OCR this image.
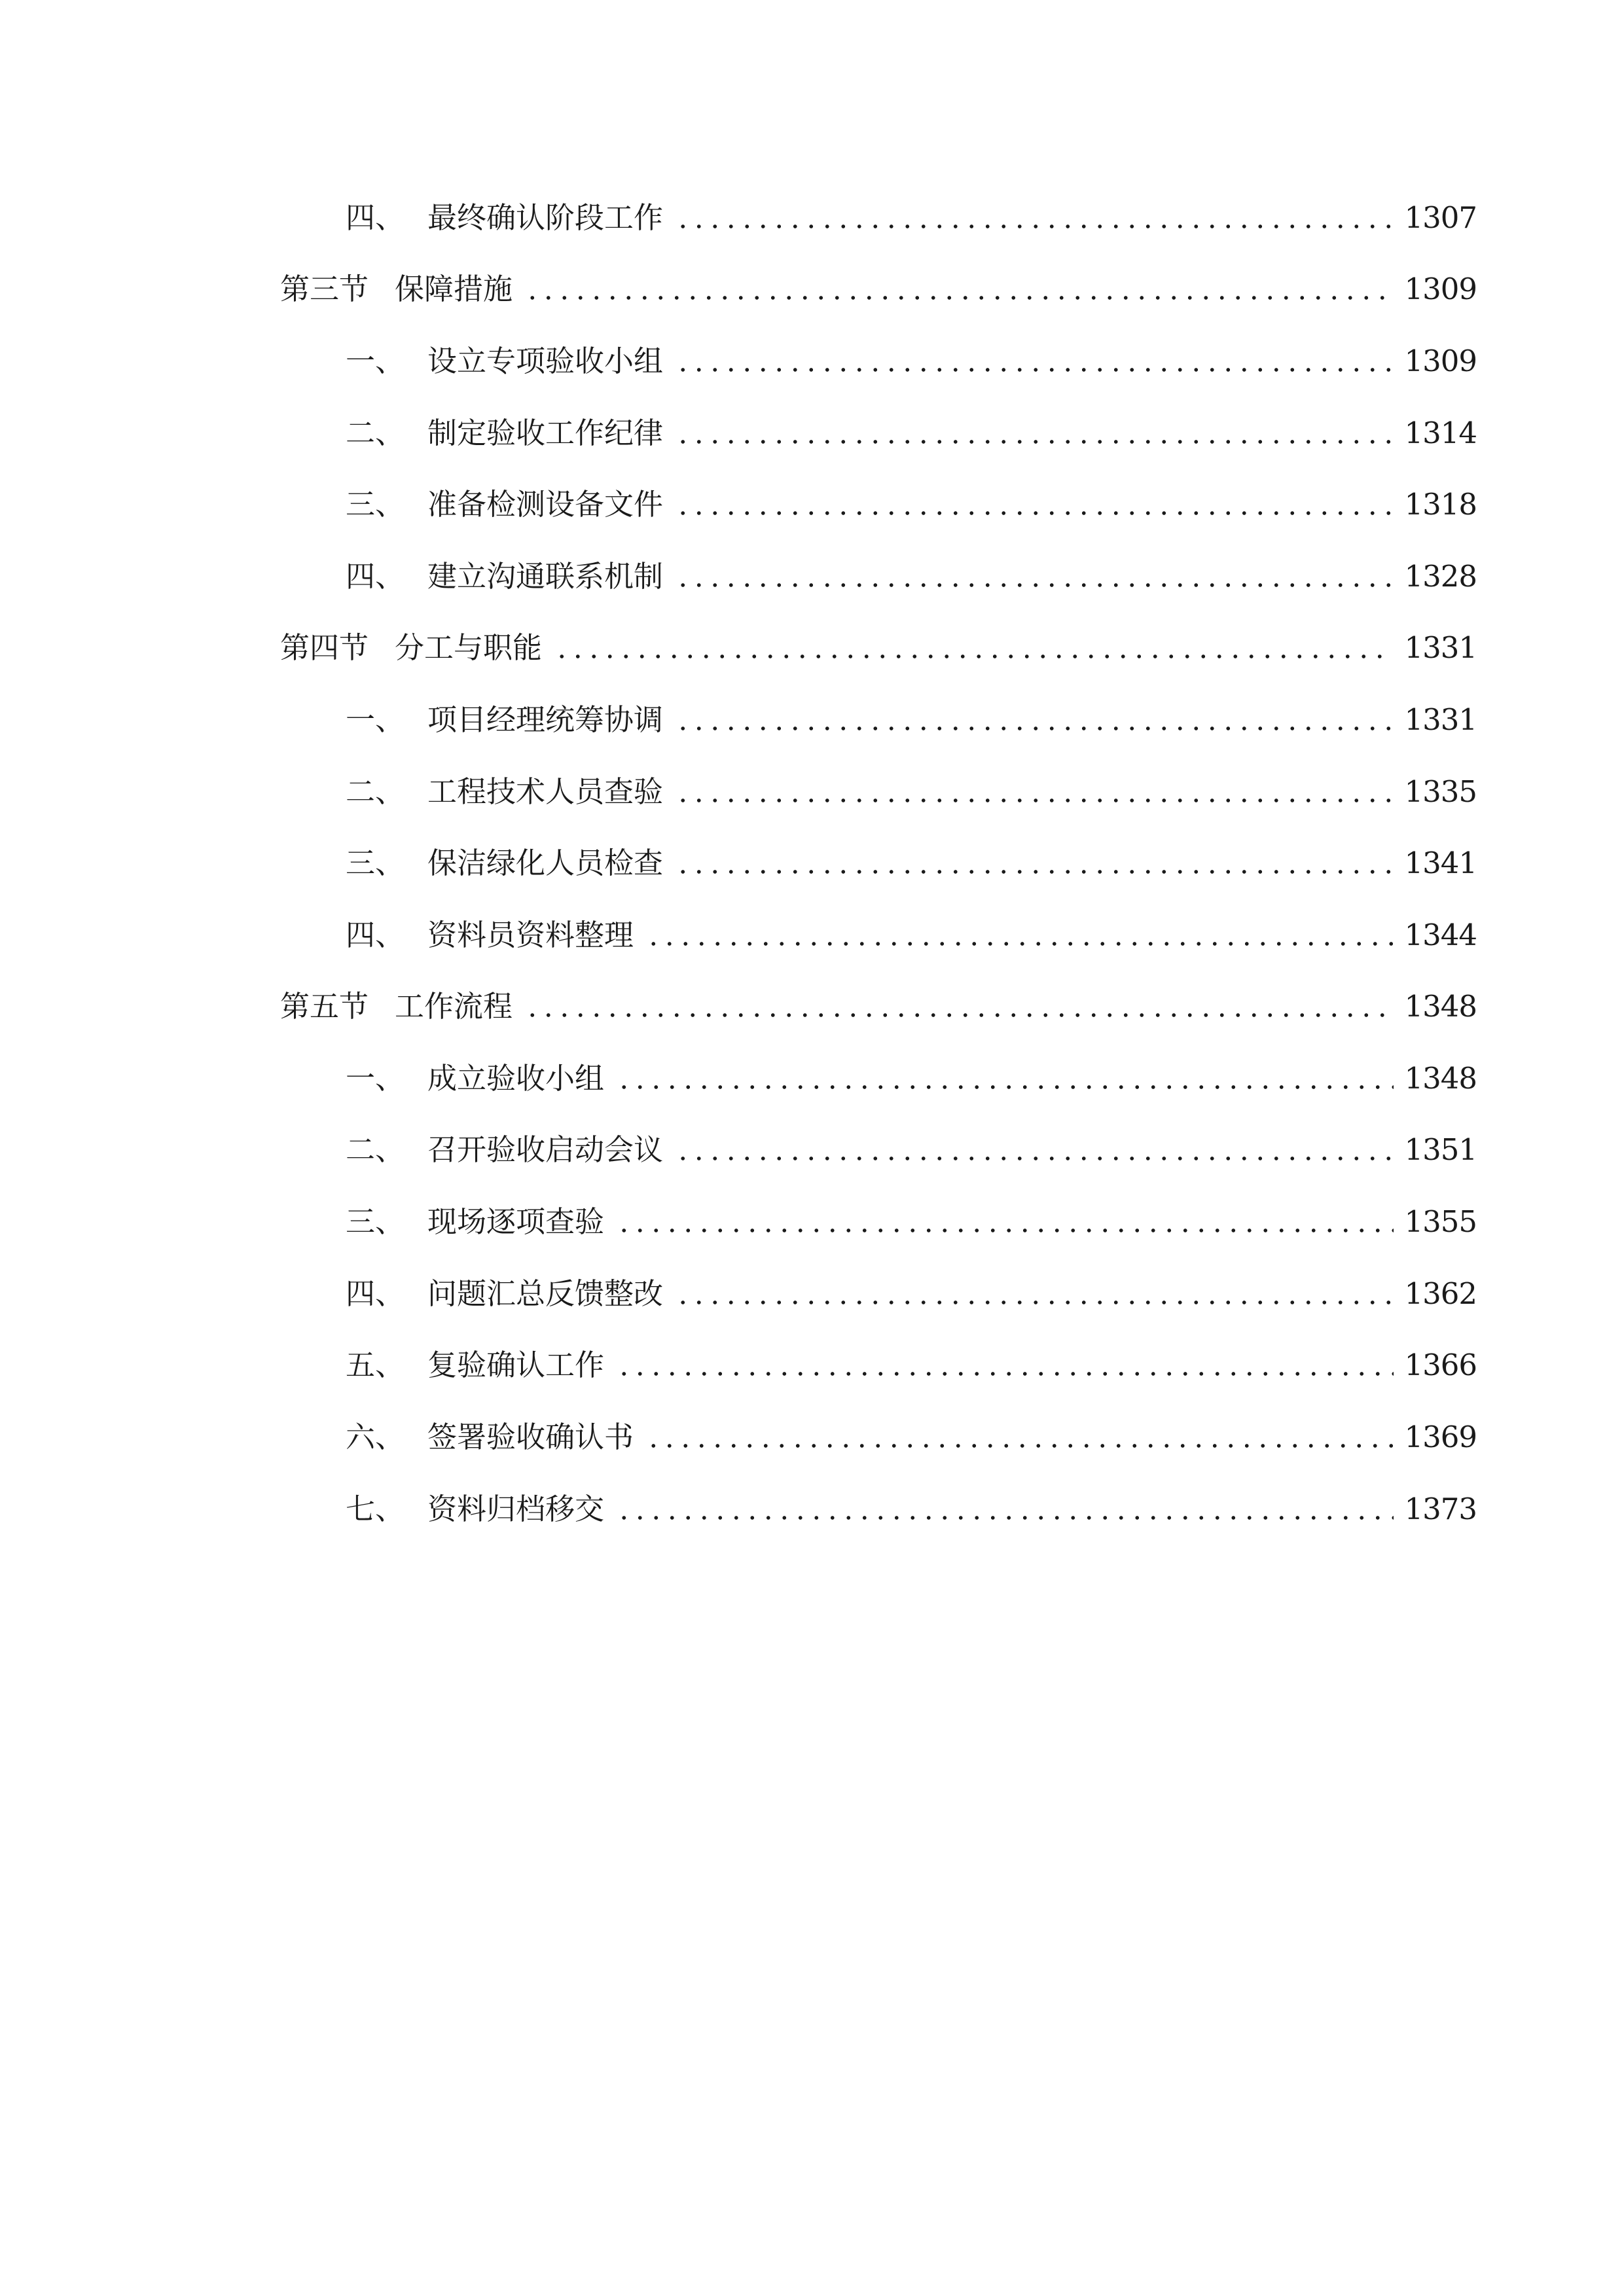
四、 最终确认阶段工作	1307
第三节 保障措施	1309
一、 设立专项验收小组	1309
二、 制定验收工作纪律	1314
三、 准备检测设备文件	1318
四、 建立沟通联系机制	1328
第四节 分工与职能	1331
一、 项目经理统筹协调	1331
二、 工程技术人员查验	1335
三、 保洁绿化人员检查	1341
四、 资料员资料整理	1344
第五节 工作流程	1348
一、 成立验收小组	1348
二、 召开验收启动会议	1351
三、 现场逐项查验	1355
四、 问题汇总反馈整改	1362
五、 复验确认工作	1366
六、 签署验收确认书	1369
七、 资料归档移交	1373
